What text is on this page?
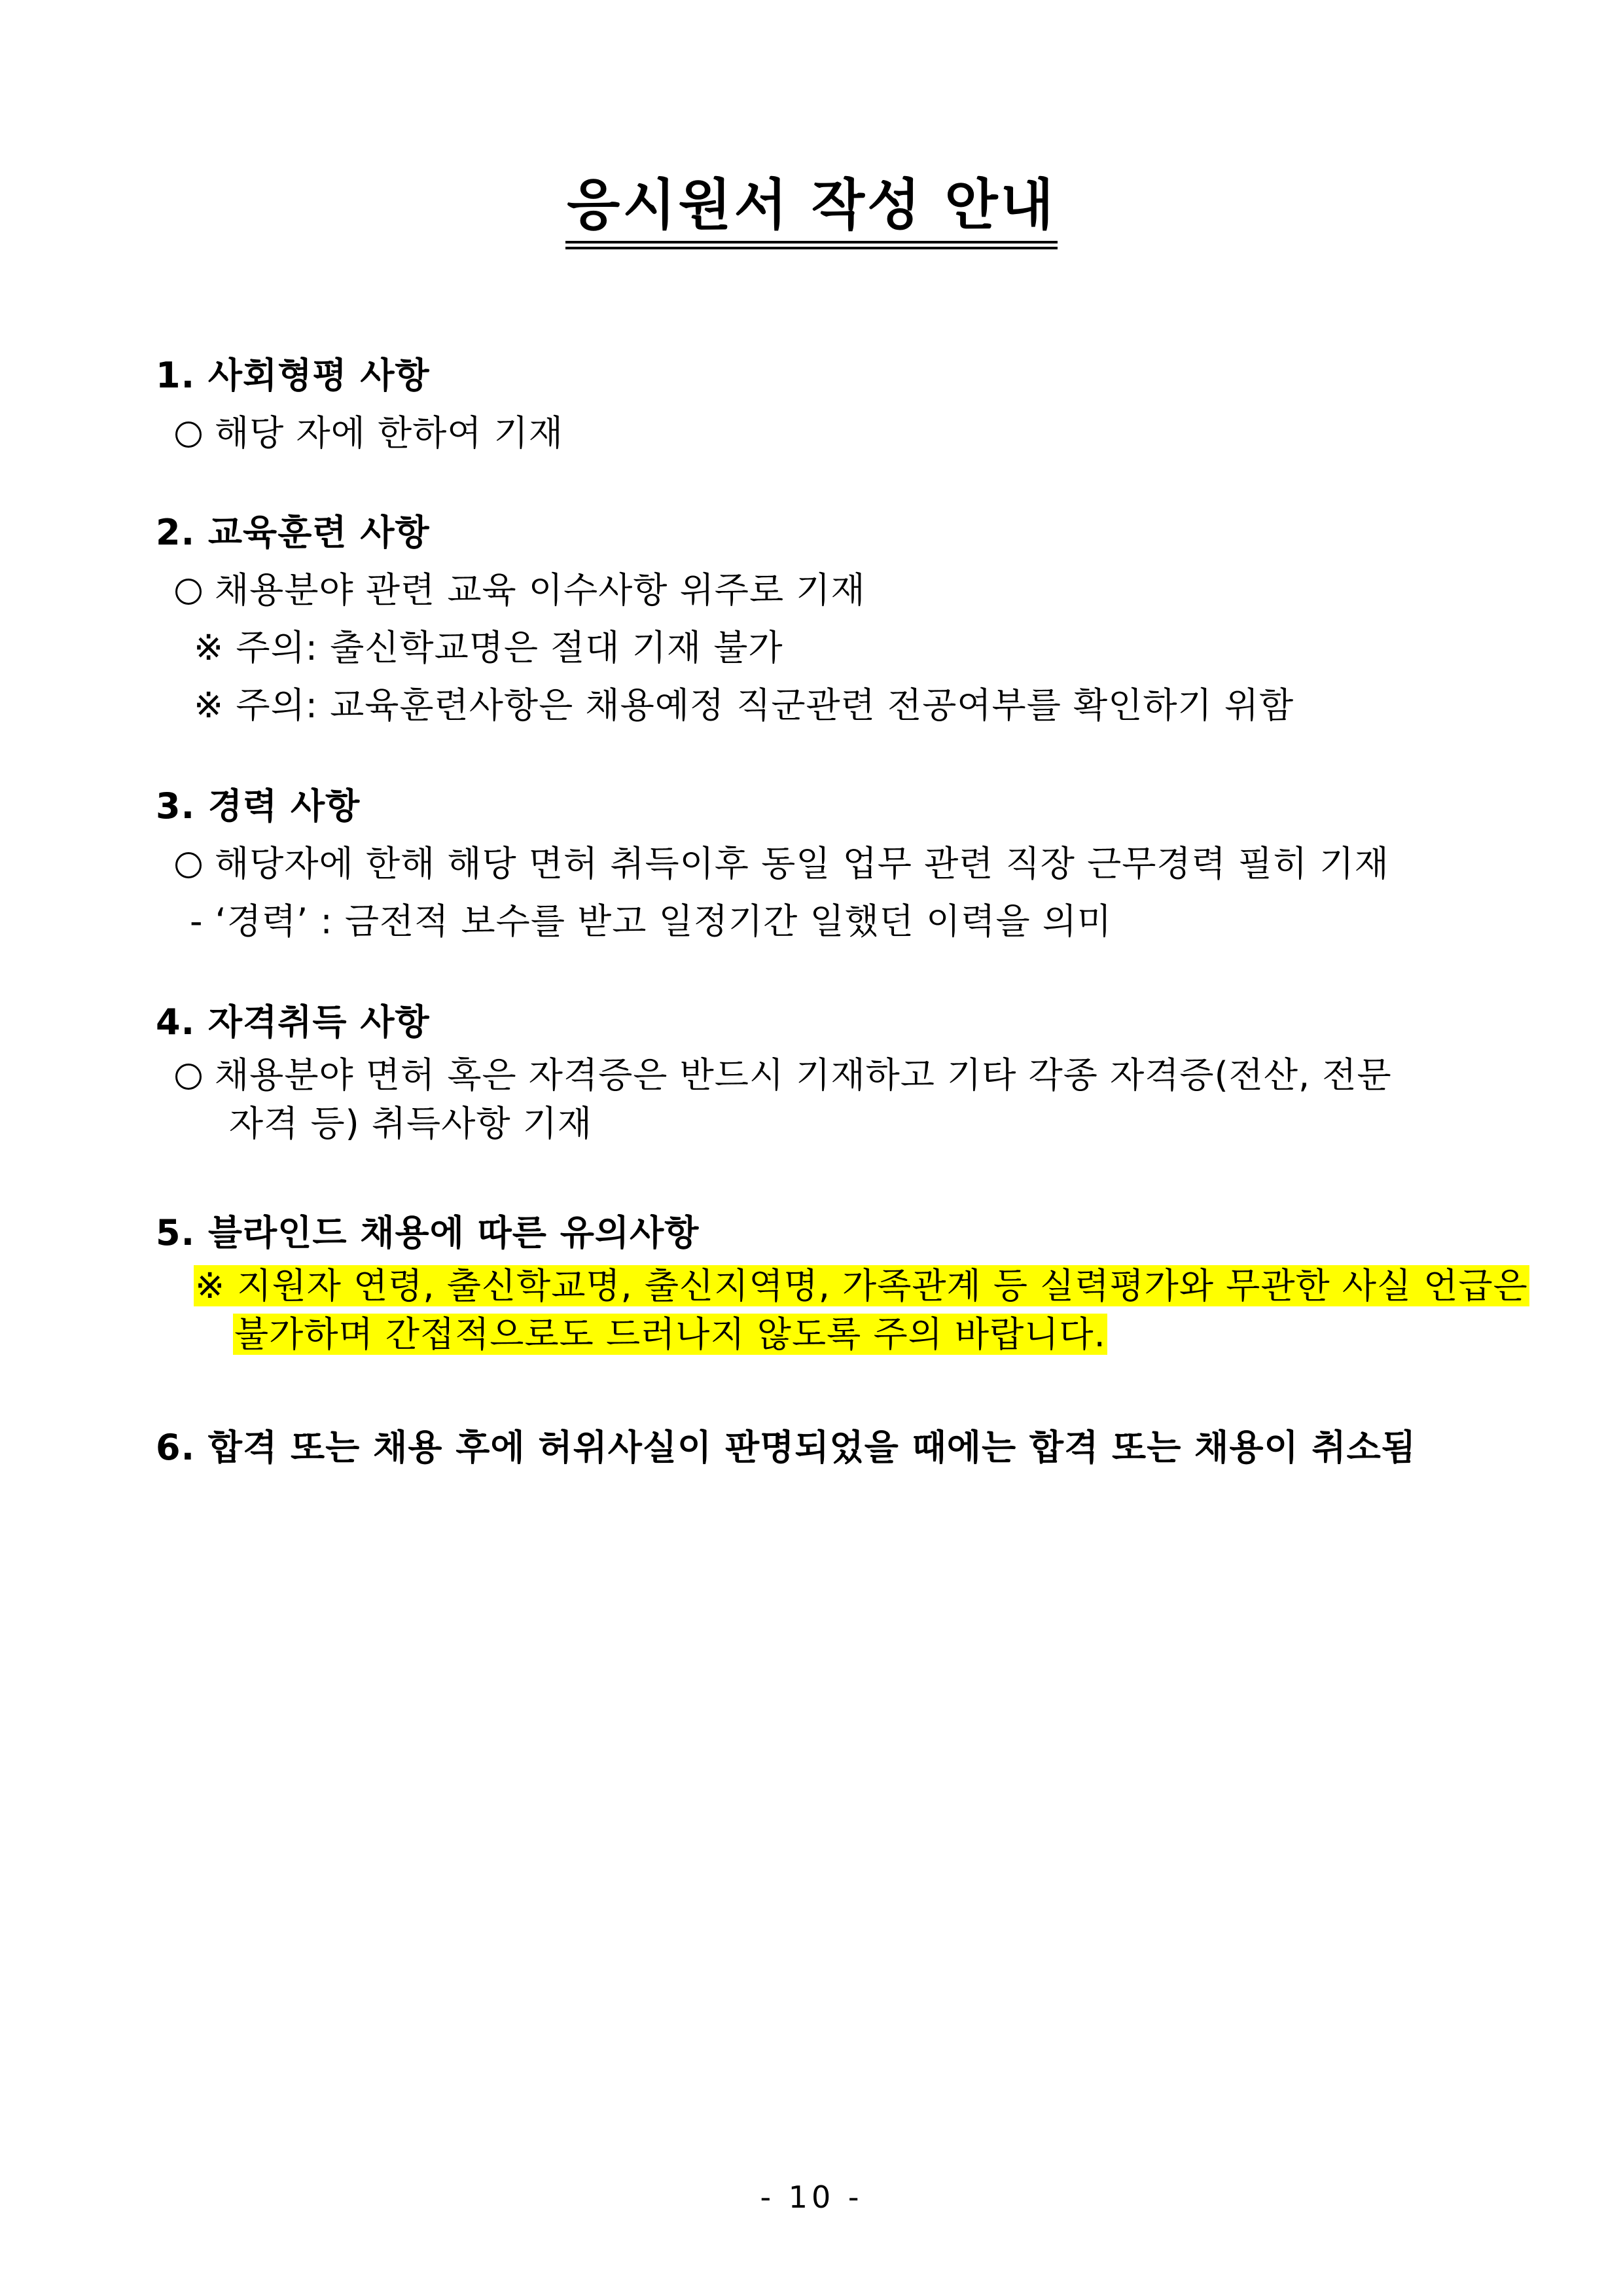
응시원서 작성 안내
1. 사회형평 사항
해당 자에 한하여 기재
2. 교육훈련 사항
채용분야 관련 교육 이수사항 위주로 기재
※ 주의: 출신학교명은 절대 기재 불가
※ 주의: 교육훈련사항은 채용예정 직군관련 전공여부를 확인하기 위함
3. 경력 사항
해당자에 한해 해당 면허 취득이후 동일 업무 관련 직장 근무경력 필히 기재
- ‘경력’ : 금전적 보수를 받고 일정기간 일했던 이력을 의미
4. 자격취득 사항
채용분야 면허 혹은 자격증은 반드시 기재하고 기타 각종 자격증(전산, 전문
자격 등) 취득사항 기재
5. 블라인드 채용에 따른 유의사항
※ 지원자 연령, 출신학교명, 출신지역명, 가족관계 등 실력평가와 무관한 사실 언급은
불가하며 간접적으로도 드러나지 않도록 주의 바랍니다.
6. 합격 또는 채용 후에 허위사실이 판명되었을 때에는 합격 또는 채용이 취소됨
- 10 -
